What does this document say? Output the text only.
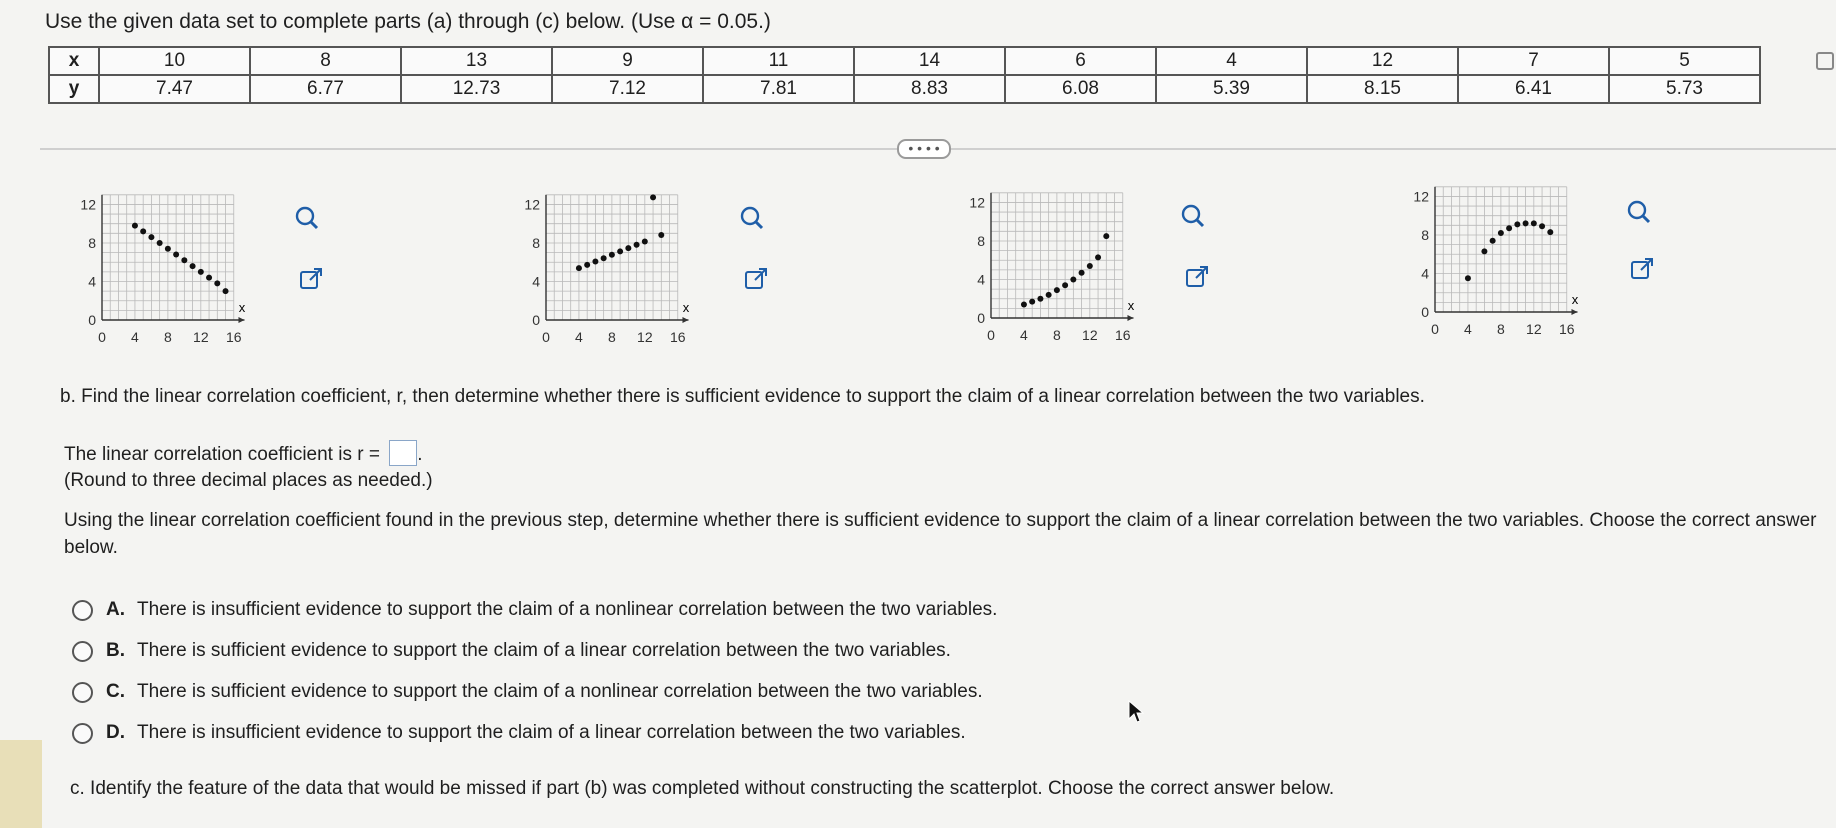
Use the given data set to complete parts (a) through (c) below. (Use α = 0.05.)
x	10	8	13	9	11	14	6	4	12	7	5
y	7.47	6.77	12.73	7.12	7.81	8.83	6.08	5.39	8.15	6.41	5.73
• • • •
12
8
4
0
0 4 8 12 16
x
12
8
4
0
0 4 8 12 16
x
12
8
4
0
0 4 8 12 16
x
12
8
4
0
0 4 8 12 16
x
b. Find the linear correlation coefficient, r, then determine whether there is sufficient evidence to support the claim of a linear correlation between the two variables.
The linear correlation coefficient is r = .
(Round to three decimal places as needed.)
Using the linear correlation coefficient found in the previous step, determine whether there is sufficient evidence to support the claim of a linear correlation between the two variables. Choose the correct answer below.
A. There is insufficient evidence to support the claim of a nonlinear correlation between the two variables.
B. There is sufficient evidence to support the claim of a linear correlation between the two variables.
C. There is sufficient evidence to support the claim of a nonlinear correlation between the two variables.
D. There is insufficient evidence to support the claim of a linear correlation between the two variables.
c. Identify the feature of the data that would be missed if part (b) was completed without constructing the scatterplot. Choose the correct answer below.
